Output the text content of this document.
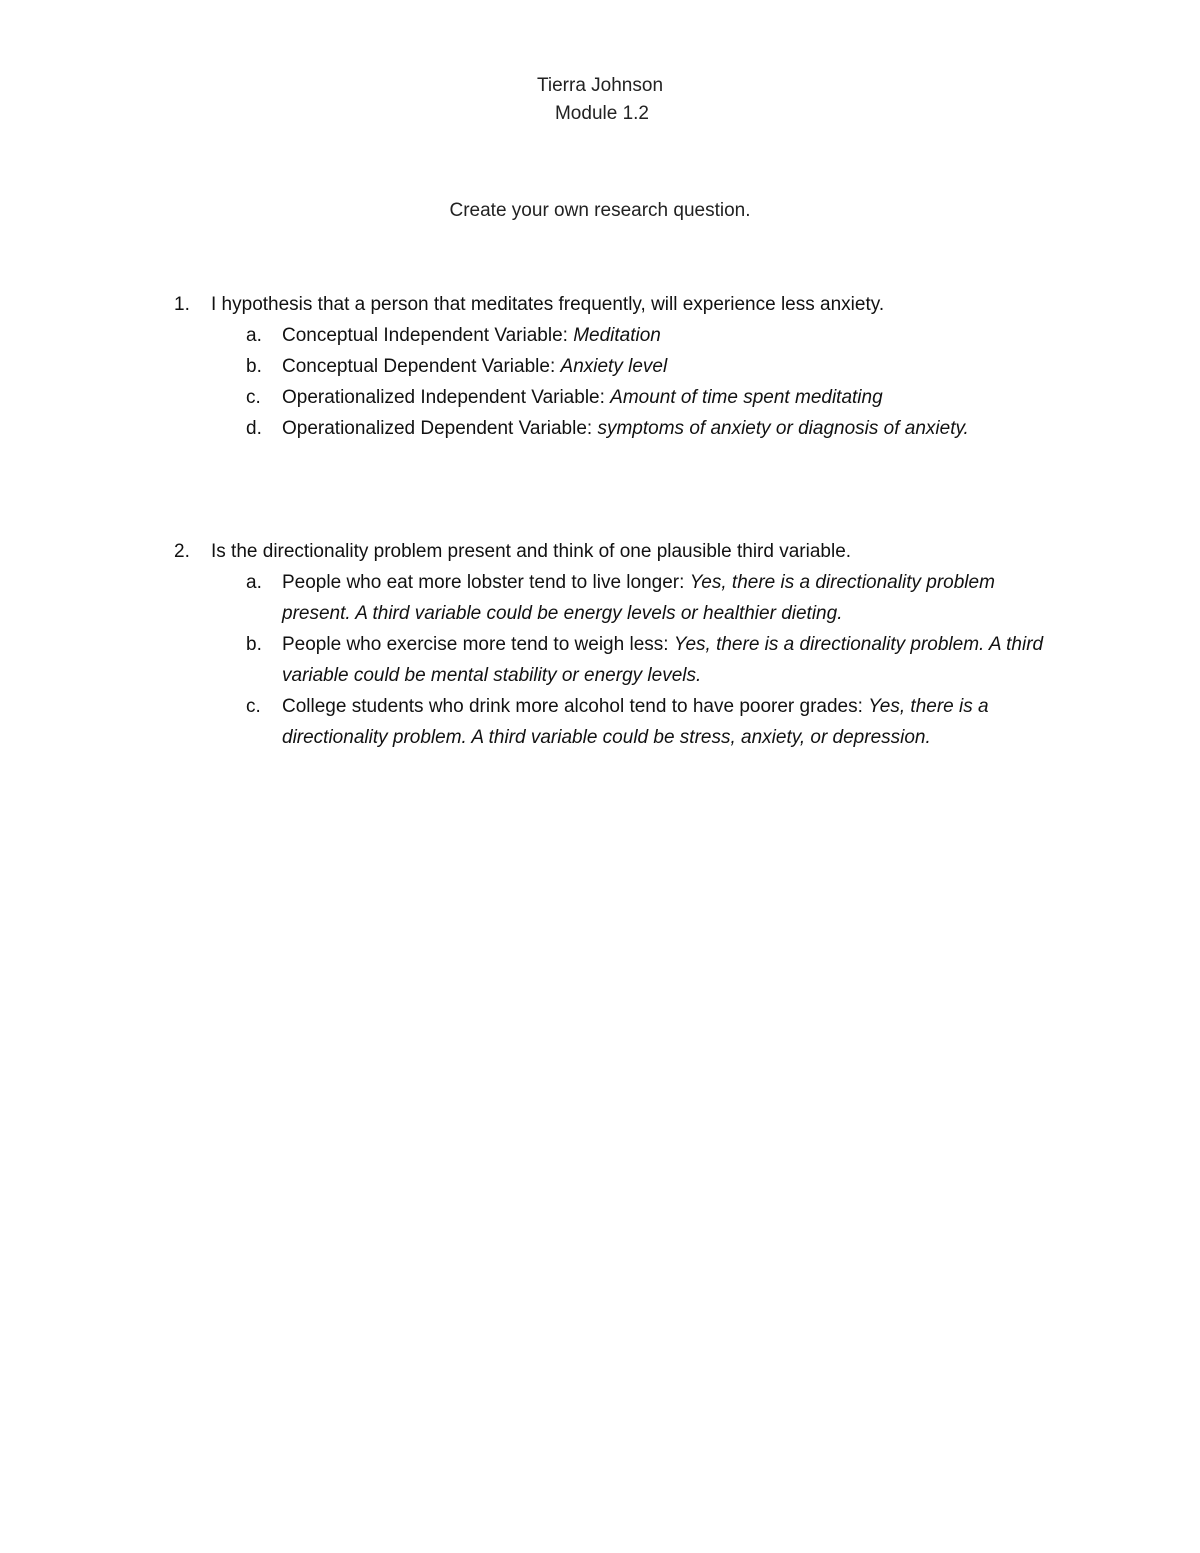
Tierra Johnson
Module 1.2
Create your own research question.
1. I hypothesis that a person that meditates frequently, will experience less anxiety.
a. Conceptual Independent Variable: Meditation
b. Conceptual Dependent Variable: Anxiety level
c. Operationalized Independent Variable: Amount of time spent meditating
d. Operationalized Dependent Variable: symptoms of anxiety or diagnosis of anxiety.
2. Is the directionality problem present and think of one plausible third variable.
a. People who eat more lobster tend to live longer: Yes, there is a directionality problem present. A third variable could be energy levels or healthier dieting.
b. People who exercise more tend to weigh less: Yes, there is a directionality problem. A third variable could be mental stability or energy levels.
c. College students who drink more alcohol tend to have poorer grades: Yes, there is a directionality problem. A third variable could be stress, anxiety, or depression.
